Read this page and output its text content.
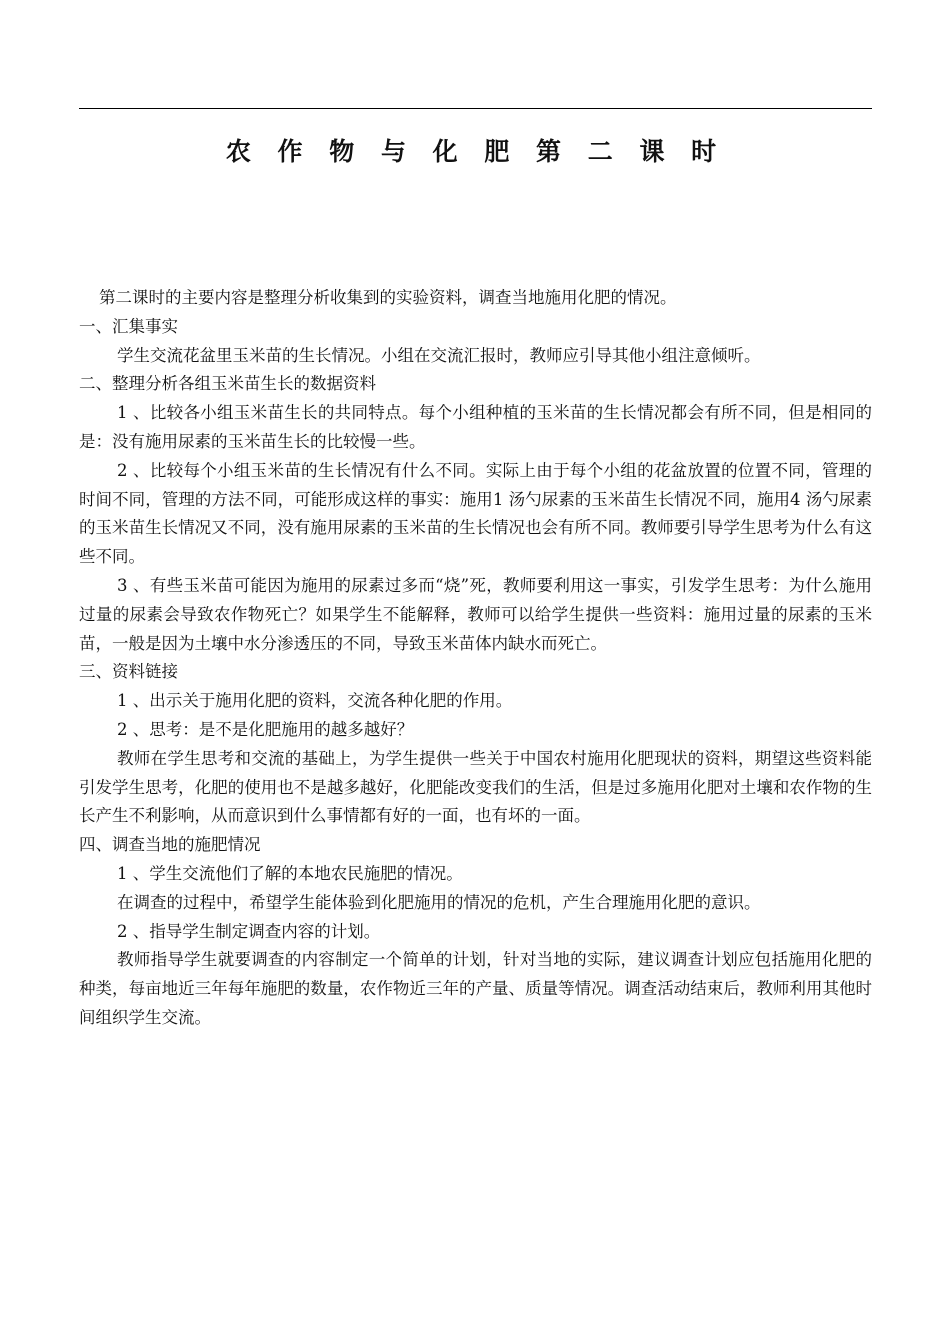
农 作 物 与 化 肥 第 二 课 时

第二课时的主要内容是整理分析收集到的实验资料，调查当地施用化肥的情况。

一、汇集事实

学生交流花盆里玉米苗的生长情况。小组在交流汇报时，教师应引导其他小组注意倾听。

二、整理分析各组玉米苗生长的数据资料

1 、比较各小组玉米苗生长的共同特点。每个小组种植的玉米苗的生长情况都会有所不同，但是相同的是：没有施用尿素的玉米苗生长的比较慢一些。

2 、比较每个小组玉米苗的生长情况有什么不同。实际上由于每个小组的花盆放置的位置不同，管理的时间不同，管理的方法不同，可能形成这样的事实：施用1 汤勺尿素的玉米苗生长情况不同，施用4 汤勺尿素的玉米苗生长情况又不同，没有施用尿素的玉米苗的生长情况也会有所不同。教师要引导学生思考为什么有这些不同。

3 、有些玉米苗可能因为施用的尿素过多而“烧”死，教师要利用这一事实，引发学生思考：为什么施用过量的尿素会导致农作物死亡？如果学生不能解释，教师可以给学生提供一些资料：施用过量的尿素的玉米苗，一般是因为土壤中水分渗透压的不同，导致玉米苗体内缺水而死亡。

三、资料链接

1 、出示关于施用化肥的资料，交流各种化肥的作用。

2 、思考：是不是化肥施用的越多越好？

教师在学生思考和交流的基础上，为学生提供一些关于中国农村施用化肥现状的资料，期望这些资料能引发学生思考，化肥的使用也不是越多越好，化肥能改变我们的生活，但是过多施用化肥对土壤和农作物的生长产生不利影响，从而意识到什么事情都有好的一面，也有坏的一面。

四、调查当地的施肥情况

1 、学生交流他们了解的本地农民施肥的情况。

在调查的过程中，希望学生能体验到化肥施用的情况的危机，产生合理施用化肥的意识。

2 、指导学生制定调查内容的计划。

教师指导学生就要调查的内容制定一个简单的计划，针对当地的实际，建议调查计划应包括施用化肥的种类，每亩地近三年每年施肥的数量，农作物近三年的产量、质量等情况。调查活动结束后，教师利用其他时间组织学生交流。
